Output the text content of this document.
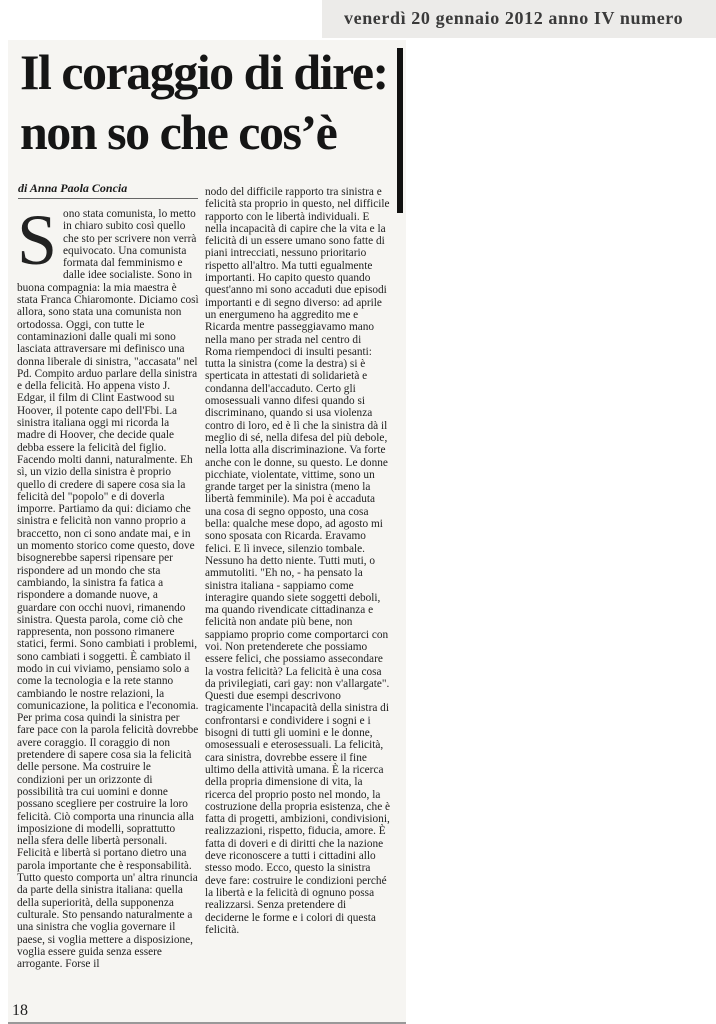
venerdì 20 gennaio 2012 anno IV numero
Il coraggio di dire: non so che cos’è
di Anna Paola Concia
S ono stata comunista, lo metto in chiaro subito così quello che sto per scrivere non verrà equivocato. Una comunista formata dal femminismo e dalle idee socialiste. Sono in buona compagnia: la mia maestra è stata Franca Chiaromonte. Diciamo così allora, sono stata una comunista non ortodossa. Oggi, con tutte le contaminazioni dalle quali mi sono lasciata attraversare mi definisco una donna liberale di sinistra, "accasata" nel Pd. Compito arduo parlare della sinistra e della felicità. Ho appena visto J. Edgar, il film di Clint Eastwood su Hoover, il potente capo dell'Fbi. La sinistra italiana oggi mi ricorda la madre di Hoover, che decide quale debba essere la felicità del figlio. Facendo molti danni, naturalmente. Eh sì, un vizio della sinistra è proprio quello di credere di sapere cosa sia la felicità del "popolo" e di doverla imporre. Partiamo da qui: diciamo che sinistra e felicità non vanno proprio a braccetto, non ci sono andate mai, e in un momento storico come questo, dove bisognerebbe sapersi ripensare per rispondere ad un mondo che sta cambiando, la sinistra fa fatica a rispondere a domande nuove, a guardare con occhi nuovi, rimanendo sinistra. Questa parola, come ciò che rappresenta, non possono rimanere statici, fermi. Sono cambiati i problemi, sono cambiati i soggetti. È cambiato il modo in cui viviamo, pensiamo solo a come la tecnologia e la rete stanno cambiando le nostre relazioni, la comunicazione, la politica e l'economia. Per prima cosa quindi la sinistra per fare pace con la parola felicità dovrebbe avere coraggio. Il coraggio di non pretendere di sapere cosa sia la felicità delle persone. Ma costruire le condizioni per un orizzonte di possibilità tra cui uomini e donne possano scegliere per costruire la loro felicità. Ciò comporta una rinuncia alla imposizione di modelli, soprattutto nella sfera delle libertà personali. Felicità e libertà si portano dietro una parola importante che è responsabilità. Tutto questo comporta un' altra rinuncia da parte della sinistra italiana: quella della superiorità, della supponenza culturale. Sto pensando naturalmente a una sinistra che voglia governare il paese, si voglia mettere a disposizione, voglia essere guida senza essere arrogante. Forse il

nodo del difficile rapporto tra sinistra e felicità sta proprio in questo, nel difficile rapporto con le libertà individuali. E nella incapacità di capire che la vita e la felicità di un essere umano sono fatte di piani intrecciati, nessuno prioritario rispetto all'altro. Ma tutti egualmente importanti. Ho capito questo quando quest'anno mi sono accaduti due episodi importanti e di segno diverso: ad aprile un energumeno ha aggredito me e Ricarda mentre passeggiavamo mano nella mano per strada nel centro di Roma riempendoci di insulti pesanti: tutta la sinistra (come la destra) si è sperticata in attestati di solidarietà e condanna dell'accaduto. Certo gli omosessuali vanno difesi quando si discriminano, quando si usa violenza contro di loro, ed è lì che la sinistra dà il meglio di sé, nella difesa del più debole, nella lotta alla discriminazione. Va forte anche con le donne, su questo. Le donne picchiate, violentate, vittime, sono un grande target per la sinistra (meno la libertà femminile). Ma poi è accaduta una cosa di segno opposto, una cosa bella: qualche mese dopo, ad agosto mi sono sposata con Ricarda. Eravamo felici. E lì invece, silenzio tombale. Nessuno ha detto niente. Tutti muti, o ammutoliti. "Eh no, - ha pensato la sinistra italiana - sappiamo come interagire quando siete soggetti deboli, ma quando rivendicate cittadinanza e felicità non andate più bene, non sappiamo proprio come comportarci con voi. Non pretenderete che possiamo essere felici, che possiamo assecondare la vostra felicità? La felicità è una cosa da privilegiati, cari gay: non v'allargate". Questi due esempi descrivono tragicamente l'incapacità della sinistra di confrontarsi e condividere i sogni e i bisogni di tutti gli uomini e le donne, omosessuali e eterosessuali. La felicità, cara sinistra, dovrebbe essere il fine ultimo della attività umana. È la ricerca della propria dimensione di vita, la ricerca del proprio posto nel mondo, la costruzione della propria esistenza, che è fatta di progetti, ambizioni, condivisioni, realizzazioni, rispetto, fiducia, amore. È fatta di doveri e di diritti che la nazione deve riconoscere a tutti i cittadini allo stesso modo. Ecco, questo la sinistra deve fare: costruire le condizioni perché la libertà e la felicità di ognuno possa realizzarsi. Senza pretendere di deciderne le forme e i colori di questa felicità.

18
